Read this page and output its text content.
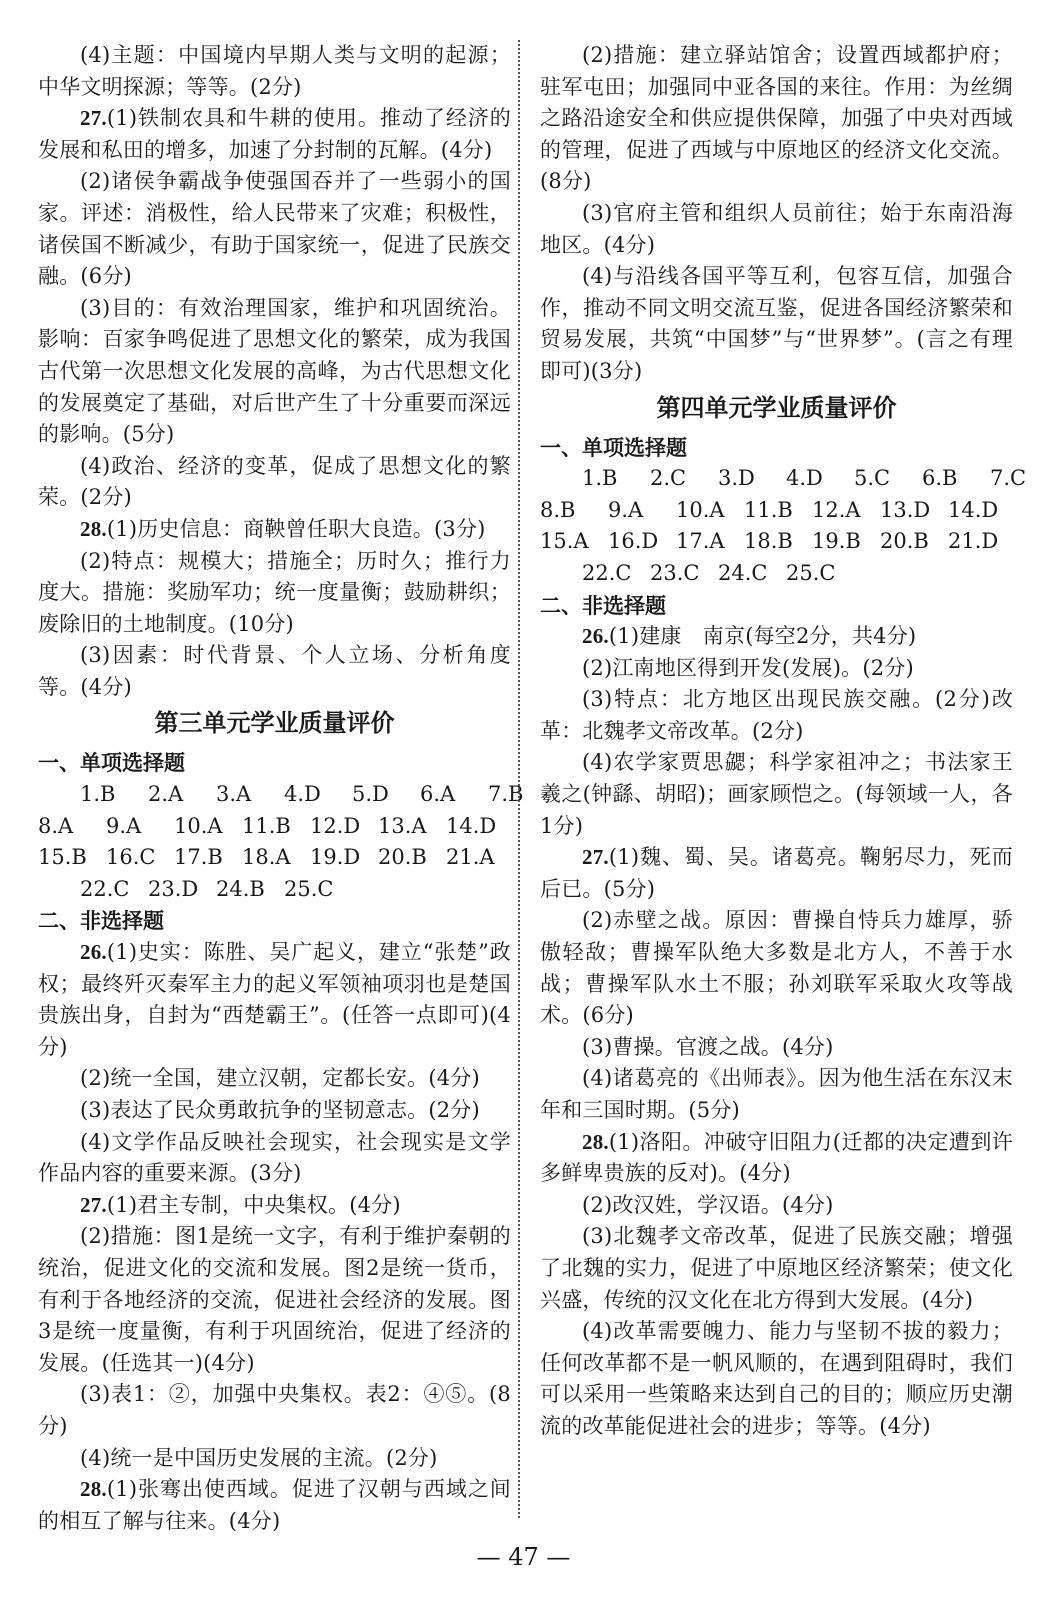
(4)主题：中国境内早期人类与文明的起源；中华文明探源；等等。(2分)

27.(1)铁制农具和牛耕的使用。推动了经济的发展和私田的增多，加速了分封制的瓦解。(4分)

(2)诸侯争霸战争使强国吞并了一些弱小的国家。评述：消极性，给人民带来了灾难；积极性，诸侯国不断减少，有助于国家统一，促进了民族交融。(6分)

(3)目的：有效治理国家，维护和巩固统治。影响：百家争鸣促进了思想文化的繁荣，成为我国古代第一次思想文化发展的高峰，为古代思想文化的发展奠定了基础，对后世产生了十分重要而深远的影响。(5分)

(4)政治、经济的变革，促成了思想文化的繁荣。(2分)

28.(1)历史信息：商鞅曾任职大良造。(3分)

(2)特点：规模大；措施全；历时久；推行力度大。措施：奖励军功；统一度量衡；鼓励耕织；废除旧的土地制度。(10分)

(3)因素：时代背景、个人立场、分析角度等。(4分)

第三单元学业质量评价
一、单项选择题
1.B 2.A 3.A 4.D 5.D 6.A 7.B
8.A 9.A 10.A 11.B 12.D 13.A 14.D
15.B 16.C 17.B 18.A 19.D 20.B 21.A
22.C 23.D 24.B 25.C
二、非选择题

26.(1)史实：陈胜、吴广起义，建立“张楚”政权；最终歼灭秦军主力的起义军领袖项羽也是楚国贵族出身，自封为“西楚霸王”。(任答一点即可)(4分)

(2)统一全国，建立汉朝，定都长安。(4分)

(3)表达了民众勇敢抗争的坚韧意志。(2分)

(4)文学作品反映社会现实，社会现实是文学作品内容的重要来源。(3分)

27.(1)君主专制，中央集权。(4分)

(2)措施：图1是统一文字，有利于维护秦朝的统治，促进文化的交流和发展。图2是统一货币，有利于各地经济的交流，促进社会经济的发展。图3是统一度量衡，有利于巩固统治，促进了经济的发展。(任选其一)(4分)

(3)表1：②，加强中央集权。表2：④⑤。(8分)

(4)统一是中国历史发展的主流。(2分)

28.(1)张骞出使西域。促进了汉朝与西域之间的相互了解与往来。(4分)

(2)措施：建立驿站馆舍；设置西域都护府；驻军屯田；加强同中亚各国的来往。作用：为丝绸之路沿途安全和供应提供保障，加强了中央对西域的管理，促进了西域与中原地区的经济文化交流。(8分)

(3)官府主管和组织人员前往；始于东南沿海地区。(4分)

(4)与沿线各国平等互利，包容互信，加强合作，推动不同文明交流互鉴，促进各国经济繁荣和贸易发展，共筑“中国梦”与“世界梦”。(言之有理即可)(3分)

第四单元学业质量评价
一、单项选择题
1.B 2.C 3.D 4.D 5.C 6.B 7.C
8.B 9.A 10.A 11.B 12.A 13.D 14.D
15.A 16.D 17.A 18.B 19.B 20.B 21.D
22.C 23.C 24.C 25.C
二、非选择题

26.(1)建康　南京(每空2分，共4分)

(2)江南地区得到开发(发展)。(2分)

(3)特点：北方地区出现民族交融。(2分)改革：北魏孝文帝改革。(2分)

(4)农学家贾思勰；科学家祖冲之；书法家王羲之(钟繇、胡昭)；画家顾恺之。(每领域一人，各1分)

27.(1)魏、蜀、吴。诸葛亮。鞠躬尽力，死而后已。(5分)

(2)赤壁之战。原因：曹操自恃兵力雄厚，骄傲轻敌；曹操军队绝大多数是北方人，不善于水战；曹操军队水土不服；孙刘联军采取火攻等战术。(6分)

(3)曹操。官渡之战。(4分)

(4)诸葛亮的《出师表》。因为他生活在东汉末年和三国时期。(5分)

28.(1)洛阳。冲破守旧阻力(迁都的决定遭到许多鲜卑贵族的反对)。(4分)

(2)改汉姓，学汉语。(4分)

(3)北魏孝文帝改革，促进了民族交融；增强了北魏的实力，促进了中原地区经济繁荣；使文化兴盛，传统的汉文化在北方得到大发展。(4分)

(4)改革需要魄力、能力与坚韧不拔的毅力；任何改革都不是一帆风顺的，在遇到阻碍时，我们可以采用一些策略来达到自己的目的；顺应历史潮流的改革能促进社会的进步；等等。(4分)

— 47 —
